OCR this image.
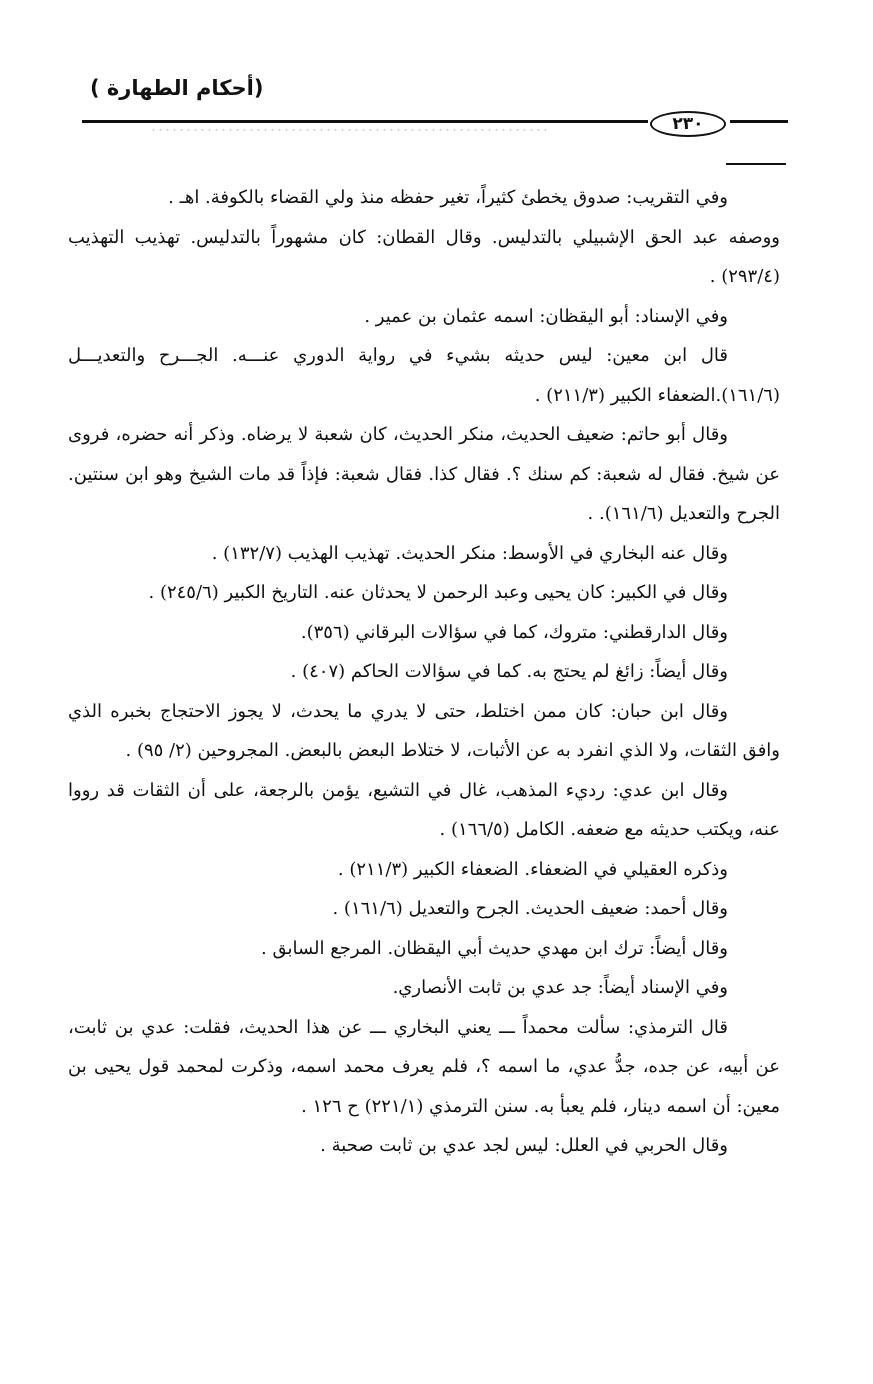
(أحكام الطهارة )
٢٣٠

وفي التقريب: صدوق يخطئ كثيراً، تغير حفظه منذ ولي القضاء بالكوفة. اهـ .

ووصفه عبد الحق الإشبيلي بالتدليس. وقال القطان: كان مشهوراً بالتدليس. تهذيب التهذيب (٢٩٣/٤) .

وفي الإسناد: أبو اليقظان: اسمه عثمان بن عمير .

قال ابن معين: ليس حديثه بشيء في رواية الدوري عنـــه. الجـــرح والتعديـــل (١٦١/٦).الضعفاء الكبير (٢١١/٣) .

وقال أبو حاتم: ضعيف الحديث، منكر الحديث، كان شعبة لا يرضاه. وذكر أنه حضره، فروى عن شيخ. فقال له شعبة: كم سنك ؟. فقال كذا. فقال شعبة: فإذاً قد مات الشيخ وهو ابن سنتين. الجرح والتعديل (١٦١/٦). .

وقال عنه البخاري في الأوسط: منكر الحديث. تهذيب الهذيب (١٣٢/٧) .

وقال في الكبير: كان يحيى وعبد الرحمن لا يحدثان عنه. التاريخ الكبير (٢٤٥/٦) .

وقال الدارقطني: متروك، كما في سؤالات البرقاني (٣٥٦).

وقال أيضاً: زائغ لم يحتج به. كما في سؤالات الحاكم (٤٠٧) .

وقال ابن حبان: كان ممن اختلط، حتى لا يدري ما يحدث، لا يجوز الاحتجاج بخبره الذي وافق الثقات، ولا الذي انفرد به عن الأثبات، لا ختلاط البعض بالبعض. المجروحين (٢/ ٩٥) .

وقال ابن عدي: رديء المذهب، غال في التشيع، يؤمن بالرجعة، على أن الثقات قد رووا عنه، ويكتب حديثه مع ضعفه. الكامل (١٦٦/٥) .

وذكره العقيلي في الضعفاء. الضعفاء الكبير (٢١١/٣) .

وقال أحمد: ضعيف الحديث. الجرح والتعديل (١٦١/٦) .

وقال أيضاً: ترك ابن مهدي حديث أبي اليقظان. المرجع السابق .

وفي الإسناد أيضاً: جد عدي بن ثابت الأنصاري.

قال الترمذي: سألت محمداً ـــ يعني البخاري ـــ عن هذا الحديث، فقلت: عدي بن ثابت، عن أبيه، عن جده، جدُّ عدي، ما اسمه ؟، فلم يعرف محمد اسمه، وذكرت لمحمد قول يحيى بن معين: أن اسمه دينار، فلم يعبأ به. سنن الترمذي (٢٢١/١) ح ١٢٦ .

وقال الحربي في العلل: ليس لجد عدي بن ثابت صحبة .
